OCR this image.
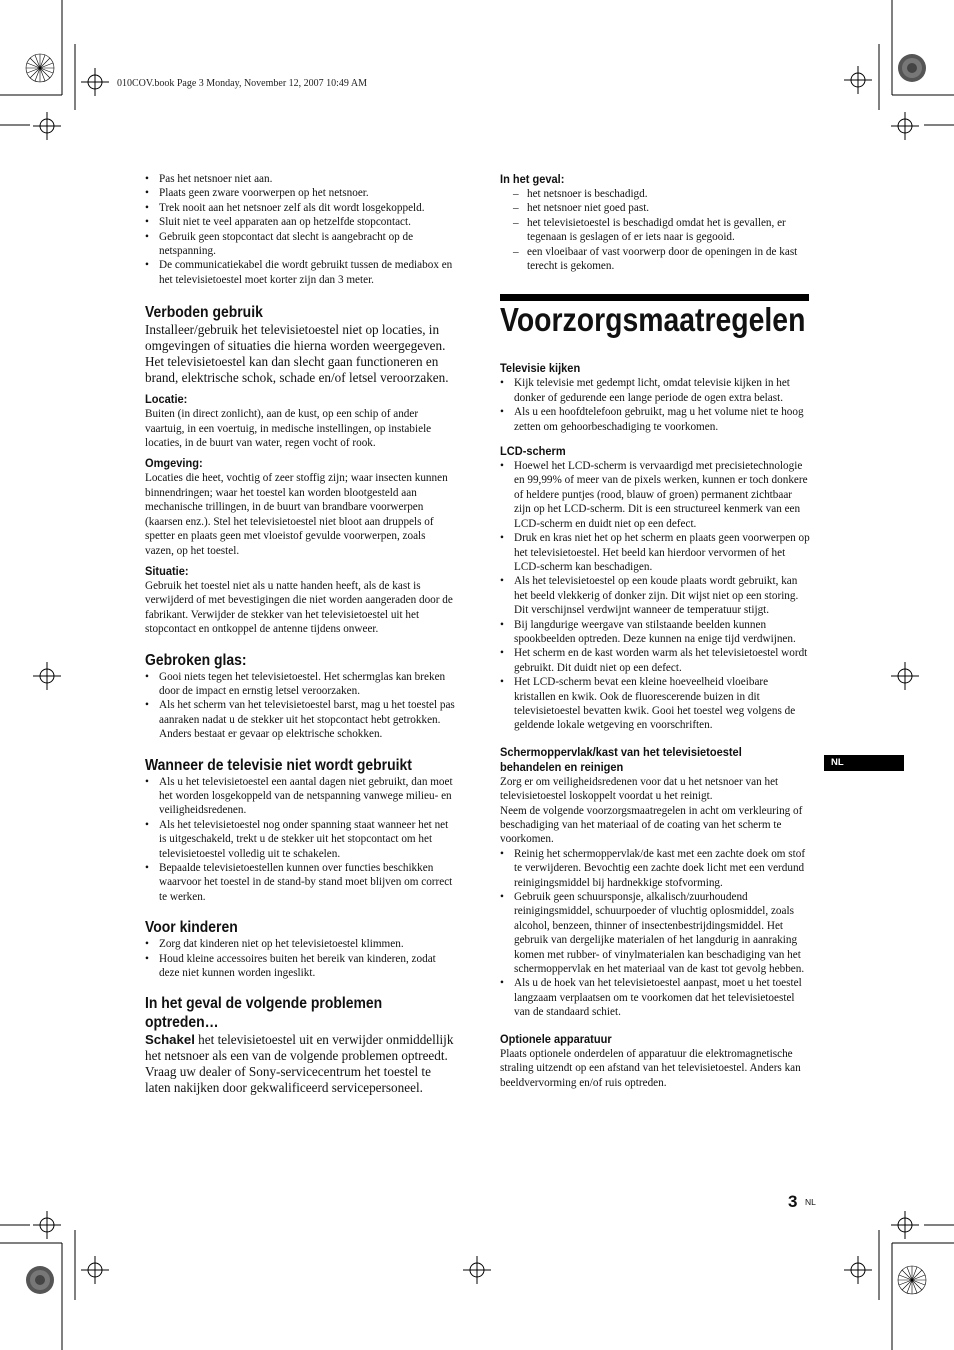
010COV.book Page 3 Monday, November 12, 2007 10:49 AM
• Pas het netsnoer niet aan.
• Plaats geen zware voorwerpen op het netsnoer.
• Trek nooit aan het netsnoer zelf als dit wordt losgekoppeld.
• Sluit niet te veel apparaten aan op hetzelfde stopcontact.
• Gebruik geen stopcontact dat slecht is aangebracht op de netspanning.
• De communicatiekabel die wordt gebruikt tussen de mediabox en het televisietoestel moet korter zijn dan 3 meter.
Verboden gebruik

Installeer/gebruik het televisietoestel niet op locaties, in omgevingen of situaties die hierna worden weergegeven. Het televisietoestel kan dan slecht gaan functioneren en brand, elektrische schok, schade en/of letsel veroorzaken.

Locatie:

Buiten (in direct zonlicht), aan de kust, op een schip of ander vaartuig, in een voertuig, in medische instellingen, op instabiele locaties, in de buurt van water, regen vocht of rook.

Omgeving:

Locaties die heet, vochtig of zeer stoffig zijn; waar insecten kunnen binnendringen; waar het toestel kan worden blootgesteld aan mechanische trillingen, in de buurt van brandbare voorwerpen (kaarsen enz.). Stel het televisietoestel niet bloot aan druppels of spetter en plaats geen met vloeistof gevulde voorwerpen, zoals vazen, op het toestel.

Situatie:

Gebruik het toestel niet als u natte handen heeft, als de kast is verwijderd of met bevestigingen die niet worden aangeraden door de fabrikant. Verwijder de stekker van het televisietoestel uit het stopcontact en ontkoppel de antenne tijdens onweer.

Gebroken glas:
• Gooi niets tegen het televisietoestel. Het schermglas kan breken door de impact en ernstig letsel veroorzaken.
• Als het scherm van het televisietoestel barst, mag u het toestel pas aanraken nadat u de stekker uit het stopcontact hebt getrokken. Anders bestaat er gevaar op elektrische schokken.
Wanneer de televisie niet wordt gebruikt
• Als u het televisietoestel een aantal dagen niet gebruikt, dan moet het worden losgekoppeld van de netspanning vanwege milieu- en veiligheidsredenen.
• Als het televisietoestel nog onder spanning staat wanneer het net is uitgeschakeld, trekt u de stekker uit het stopcontact om het televisietoestel volledig uit te schakelen.
• Bepaalde televisietoestellen kunnen over functies beschikken waarvoor het toestel in de stand-by stand moet blijven om correct te werken.
Voor kinderen
• Zorg dat kinderen niet op het televisietoestel klimmen.
• Houd kleine accessoires buiten het bereik van kinderen, zodat deze niet kunnen worden ingeslikt.
In het geval de volgende problemen optreden…

Schakel het televisietoestel uit en verwijder onmiddellijk het netsnoer als een van de volgende problemen optreedt.

Vraag uw dealer of Sony-servicecentrum het toestel te laten nakijken door gekwalificeerd servicepersoneel.

In het geval:
– het netsnoer is beschadigd.
– het netsnoer niet goed past.
– het televisietoestel is beschadigd omdat het is gevallen, er tegenaan is geslagen of er iets naar is gegooid.
– een vloeibaar of vast voorwerp door de openingen in de kast terecht is gekomen.
Voorzorgsmaatregelen
Televisie kijken
• Kijk televisie met gedempt licht, omdat televisie kijken in het donker of gedurende een lange periode de ogen extra belast.
• Als u een hoofdtelefoon gebruikt, mag u het volume niet te hoog zetten om gehoorbeschadiging te voorkomen.
LCD-scherm
• Hoewel het LCD-scherm is vervaardigd met precisietechnologie en 99,99% of meer van de pixels werken, kunnen er toch donkere of heldere puntjes (rood, blauw of groen) permanent zichtbaar zijn op het LCD-scherm. Dit is een structureel kenmerk van een LCD-scherm en duidt niet op een defect.
• Druk en kras niet het op het scherm en plaats geen voorwerpen op het televisietoestel. Het beeld kan hierdoor vervormen of het LCD-scherm kan beschadigen.
• Als het televisietoestel op een koude plaats wordt gebruikt, kan het beeld vlekkerig of donker zijn. Dit wijst niet op een storing. Dit verschijnsel verdwijnt wanneer de temperatuur stijgt.
• Bij langdurige weergave van stilstaande beelden kunnen spookbeelden optreden. Deze kunnen na enige tijd verdwijnen.
• Het scherm en de kast worden warm als het televisietoestel wordt gebruikt. Dit duidt niet op een defect.
• Het LCD-scherm bevat een kleine hoeveelheid vloeibare kristallen en kwik. Ook de fluorescerende buizen in dit televisietoestel bevatten kwik. Gooi het toestel weg volgens de geldende lokale wetgeving en voorschriften.
Schermoppervlak/kast van het televisietoestel behandelen en reinigen

Zorg er om veiligheidsredenen voor dat u het netsnoer van het televisietoestel loskoppelt voordat u het reinigt.

Neem de volgende voorzorgsmaatregelen in acht om verkleuring of beschadiging van het materiaal of de coating van het scherm te voorkomen.

• Reinig het schermoppervlak/de kast met een zachte doek om stof te verwijderen. Bevochtig een zachte doek licht met een verdund reinigingsmiddel bij hardnekkige stofvorming.
• Gebruik geen schuursponsje, alkalisch/zuurhoudend reinigingsmiddel, schuurpoeder of vluchtig oplosmiddel, zoals alcohol, benzeen, thinner of insectenbestrijdingsmiddel. Het gebruik van dergelijke materialen of het langdurig in aanraking komen met rubber- of vinylmaterialen kan beschadiging van het schermoppervlak en het materiaal van de kast tot gevolg hebben.
• Als u de hoek van het televisietoestel aanpast, moet u het toestel langzaam verplaatsen om te voorkomen dat het televisietoestel van de standaard schiet.
Optionele apparatuur

Plaats optionele onderdelen of apparatuur die elektromagnetische straling uitzendt op een afstand van het televisietoestel. Anders kan beeldvervorming en/of ruis optreden.

NL
3 NL
